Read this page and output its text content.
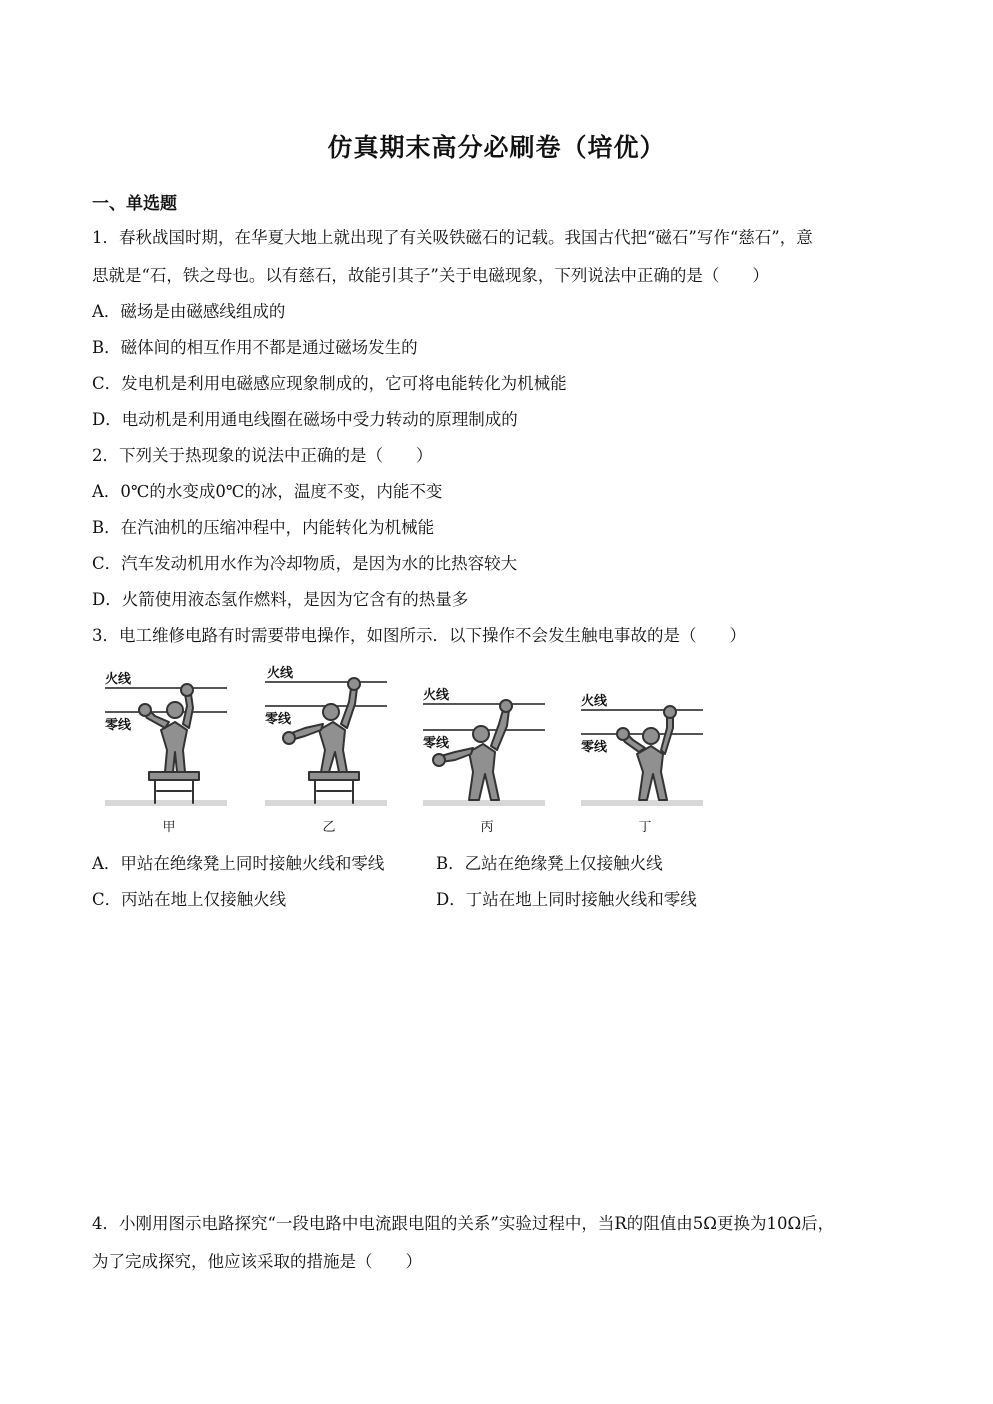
仿真期末高分必刷卷（培优）
一、单选题
1．春秋战国时期，在华夏大地上就出现了有关吸铁磁石的记载。我国古代把“磁石”写作“慈石”，意
思就是“石，铁之母也。以有慈石，故能引其子”关于电磁现象，下列说法中正确的是（　　）
A．磁场是由磁感线组成的
B．磁体间的相互作用不都是通过磁场发生的
C．发电机是利用电磁感应现象制成的，它可将电能转化为机械能
D．电动机是利用通电线圈在磁场中受力转动的原理制成的
2．下列关于热现象的说法中正确的是（　　）
A．0℃的水变成0℃的冰，温度不变，内能不变
B．在汽油机的压缩冲程中，内能转化为机械能
C．汽车发动机用水作为冷却物质，是因为水的比热容较大
D．火箭使用液态氢作燃料，是因为它含有的热量多
3．电工维修电路有时需要带电操作，如图所示．以下操作不会发生触电事故的是（　　）
火线
零线
甲
火线
零线
乙
火线
零线
丙
火线
零线
丁
A．甲站在绝缘凳上同时接触火线和零线	B．乙站在绝缘凳上仅接触火线
C．丙站在地上仅接触火线	D．丁站在地上同时接触火线和零线
4．小刚用图示电路探究“一段电路中电流跟电阻的关系”实验过程中，当R的阻值由5Ω更换为10Ω后，
为了完成探究，他应该采取的措施是（　　）
